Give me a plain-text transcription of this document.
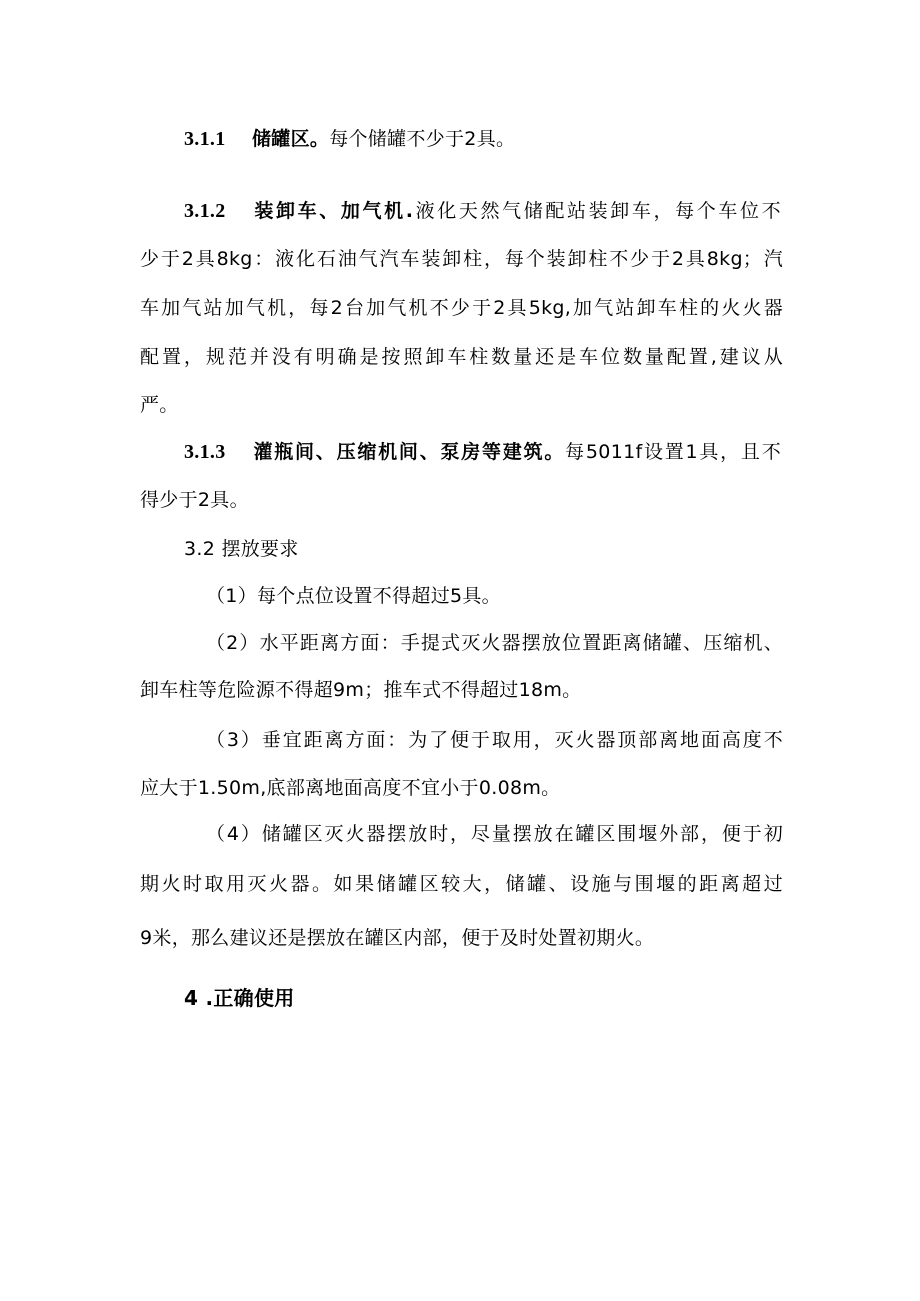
3.1.1 储罐区。每个储罐不少于2具。
3.1.2 装卸车、加气机.液化天然气储配站装卸车，每个车位不
少于2具8kg：液化石油气汽车装卸柱，每个装卸柱不少于2具8kg；汽
车加气站加气机，每2台加气机不少于2具5kg,加气站卸车柱的火火器
配置，规范并没有明确是按照卸车柱数量还是车位数量配置,建议从
严。
3.1.3 灌瓶间、压缩机间、泵房等建筑。每5011f设置1具，且不
得少于2具。
3.2 摆放要求
（1）每个点位设置不得超过5具。
（2）水平距离方面：手提式灭火器摆放位置距离储罐、压缩机、
卸车柱等危险源不得超9m；推车式不得超过18m。
（3）垂宜距离方面：为了便于取用，灭火器顶部离地面高度不
应大于1.50m,底部离地面高度不宜小于0.08m。
（4）储罐区灭火器摆放时，尽量摆放在罐区围堰外部，便于初
期火时取用灭火器。如果储罐区较大，储罐、设施与围堰的距离超过
9米，那么建议还是摆放在罐区内部，便于及时处置初期火。
4 .正确使用
